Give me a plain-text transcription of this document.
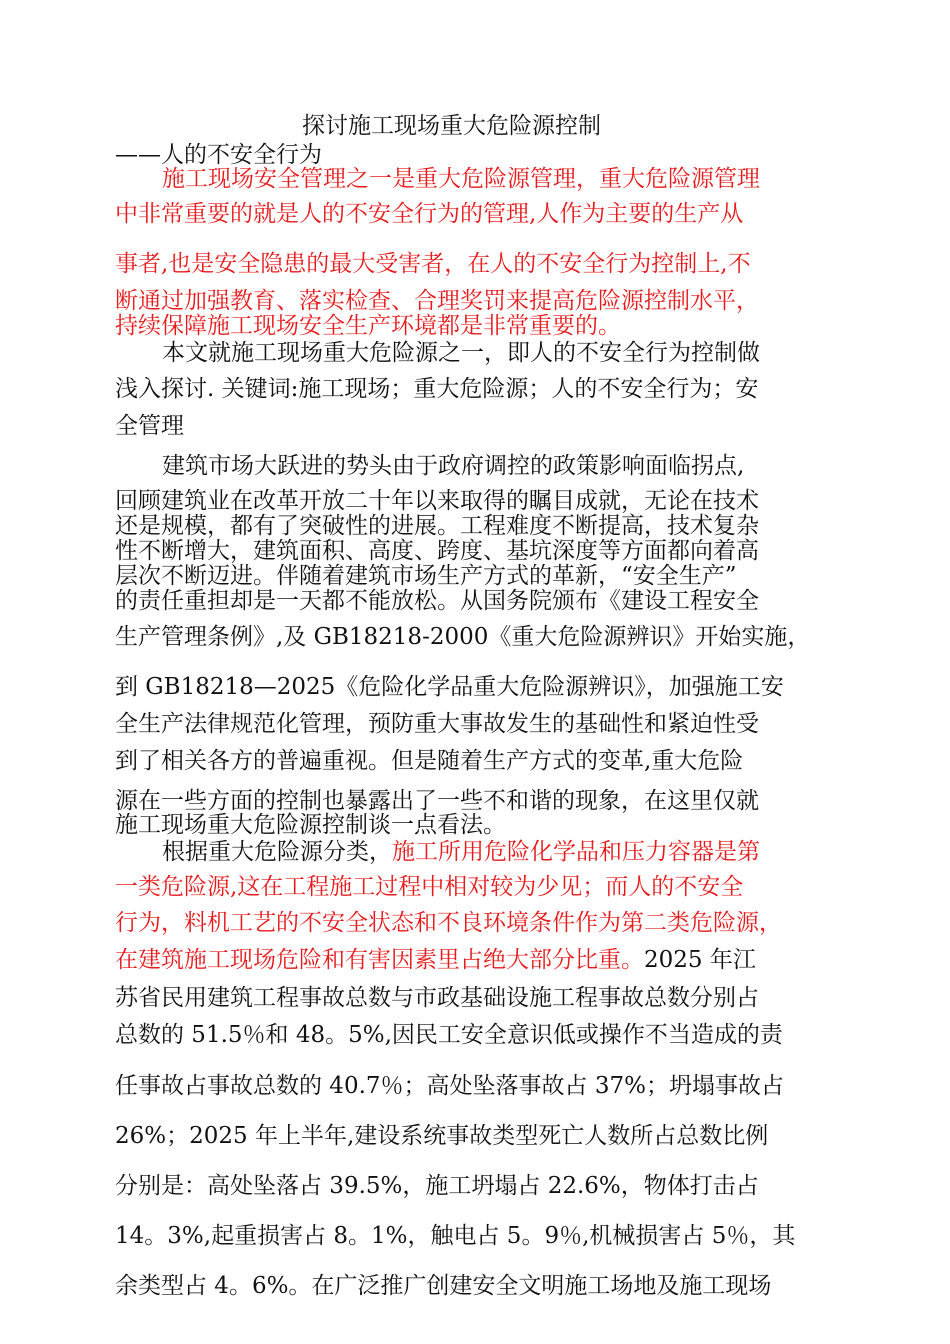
探讨施工现场重大危险源控制
——人的不安全行为
施工现场安全管理之一是重大危险源管理，重大危险源管理
中非常重要的就是人的不安全行为的管理,人作为主要的生产从
事者,也是安全隐患的最大受害者，在人的不安全行为控制上,不
断通过加强教育、落实检查、合理奖罚来提高危险源控制水平，
持续保障施工现场安全生产环境都是非常重要的。
本文就施工现场重大危险源之一，即人的不安全行为控制做
浅入探讨. 关键词:施工现场；重大危险源；人的不安全行为；安
全管理
建筑市场大跃进的势头由于政府调控的政策影响面临拐点,
回顾建筑业在改革开放二十年以来取得的瞩目成就，无论在技术
还是规模，都有了突破性的进展。工程难度不断提高，技术复杂
性不断增大，建筑面积、高度、跨度、基坑深度等方面都向着高
层次不断迈进。伴随着建筑市场生产方式的革新，“安全生产”
的责任重担却是一天都不能放松。从国务院颁布《建设工程安全
生产管理条例》,及 GB18218-2000《重大危险源辨识》开始实施，
到 GB18218—2025《危险化学品重大危险源辨识》，加强施工安
全生产法律规范化管理，预防重大事故发生的基础性和紧迫性受
到了相关各方的普遍重视。但是随着生产方式的变革,重大危险
源在一些方面的控制也暴露出了一些不和谐的现象，在这里仅就
施工现场重大危险源控制谈一点看法。
根据重大危险源分类，施工所用危险化学品和压力容器是第
一类危险源,这在工程施工过程中相对较为少见；而人的不安全
行为，料机工艺的不安全状态和不良环境条件作为第二类危险源，
在建筑施工现场危险和有害因素里占绝大部分比重。2025 年江
苏省民用建筑工程事故总数与市政基础设施工程事故总数分别占
总数的 51.5％和 48。5%,因民工安全意识低或操作不当造成的责
任事故占事故总数的 40.7％；高处坠落事故占 37%；坍塌事故占
26%；2025 年上半年,建设系统事故类型死亡人数所占总数比例
分别是：高处坠落占 39.5%，施工坍塌占 22.6%，物体打击占
14。3%,起重损害占 8。1%，触电占 5。9％,机械损害占 5％，其
余类型占 4。6%。在广泛推广创建安全文明施工场地及施工现场
